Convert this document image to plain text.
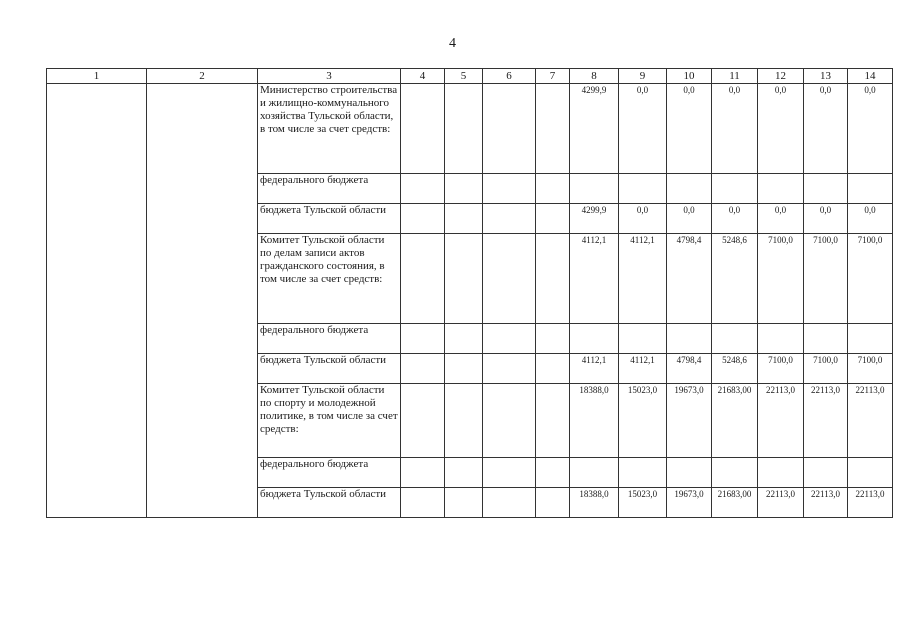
4
1	2	3	4	5	6	7	8	9	10	11	12	13	14
		Министерство строительства и жилищно-коммунального хозяйства Тульской области, в том числе за счет средств:					4299,9	0,0	0,0	0,0	0,0	0,0	0,0
		федерального бюджета											
		бюджета Тульской области					4299,9	0,0	0,0	0,0	0,0	0,0	0,0
		Комитет Тульской области по делам записи актов гражданского состояния, в том числе за счет средств:					4112,1	4112,1	4798,4	5248,6	7100,0	7100,0	7100,0
		федерального бюджета											
		бюджета Тульской области					4112,1	4112,1	4798,4	5248,6	7100,0	7100,0	7100,0
		Комитет Тульской области по спорту и молодежной политике, в том числе за счет средств:					18388,0	15023,0	19673,0	21683,00	22113,0	22113,0	22113,0
		федерального бюджета											
		бюджета Тульской области					18388,0	15023,0	19673,0	21683,00	22113,0	22113,0	22113,0
